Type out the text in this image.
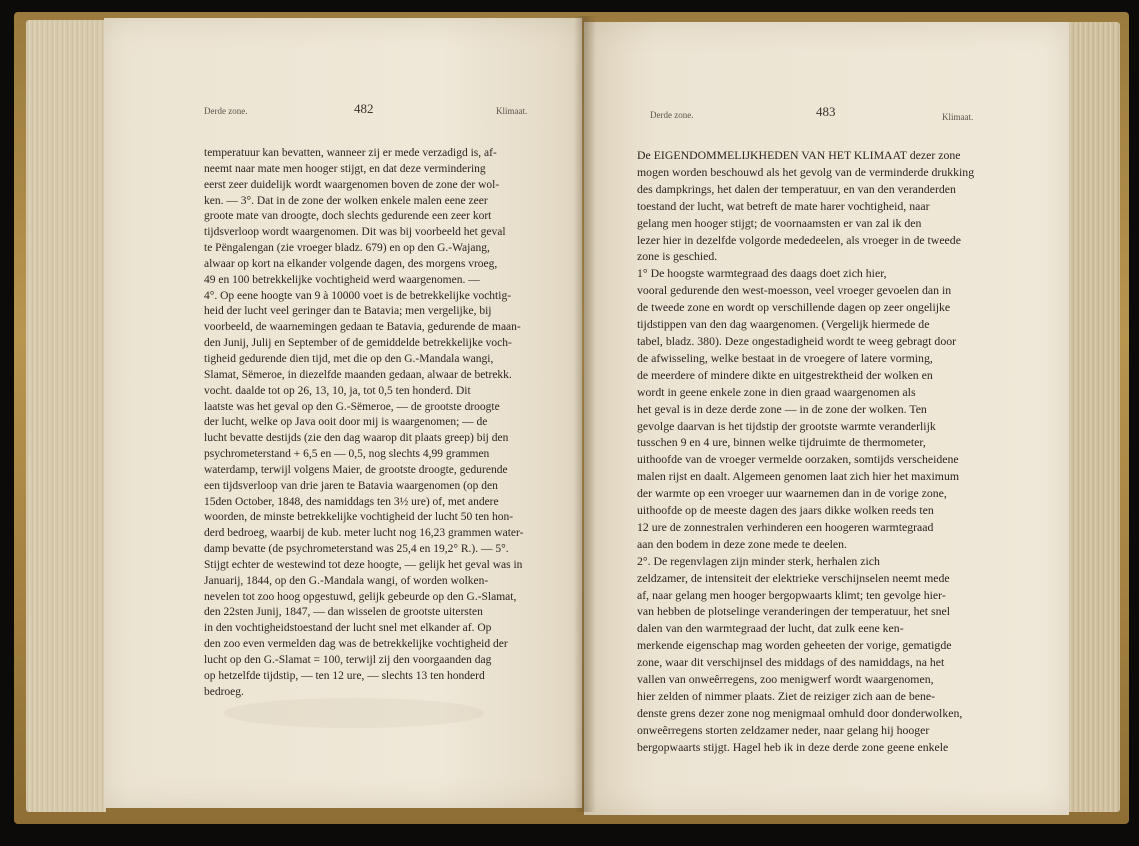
Derde zone.	482	Klimaat.
temperatuur kan bevatten, wanneer zij er mede verzadigd is, af-
neemt naar mate men hooger stijgt, en dat deze vermindering
eerst zeer duidelijk wordt waargenomen boven de zone der wol-
ken. — 3°. Dat in de zone der wolken enkele malen eene zeer
groote mate van droogte, doch slechts gedurende een zeer kort
tijdsverloop wordt waargenomen. Dit was bij voorbeeld het geval
te Pëngalengan (zie vroeger bladz. 679) en op den G.-Wajang,
alwaar op kort na elkander volgende dagen, des morgens vroeg,
49 en 100 betrekkelijke vochtigheid werd waargenomen. —
4°. Op eene hoogte van 9 à 10000 voet is de betrekkelijke vochtig-
heid der lucht veel geringer dan te Batavia; men vergelijke, bij
voorbeeld, de waarnemingen gedaan te Batavia, gedurende de maan-
den Junij, Julij en September of de gemiddelde betrekkelijke voch-
tigheid gedurende dien tijd, met die op den G.-Mandala wangi,
Slamat, Sëmeroe, in diezelfde maanden gedaan, alwaar de betrekk.
vocht. daalde tot op 26, 13, 10, ja, tot 0,5 ten honderd. Dit
laatste was het geval op den G.-Sëmeroe, — de grootste droogte
der lucht, welke op Java ooit door mij is waargenomen; — de
lucht bevatte destijds (zie den dag waarop dit plaats greep) bij den
psychrometerstand + 6,5 en — 0,5, nog slechts 4,99 grammen
waterdamp, terwijl volgens Maier, de grootste droogte, gedurende
een tijdsverloop van drie jaren te Batavia waargenomen (op den
15den October, 1848, des namiddags ten 3½ ure) of, met andere
woorden, de minste betrekkelijke vochtigheid der lucht 50 ten hon-
derd bedroeg, waarbij de kub. meter lucht nog 16,23 grammen water-
damp bevatte (de psychrometerstand was 25,4 en 19,2° R.). — 5°.
Stijgt echter de westewind tot deze hoogte, — gelijk het geval was in
Januarij, 1844, op den G.-Mandala wangi, of worden wolken-
nevelen tot zoo hoog opgestuwd, gelijk gebeurde op den G.-Slamat,
den 22sten Junij, 1847, — dan wisselen de grootste uitersten
in den vochtigheidstoestand der lucht snel met elkander af. Op
den zoo even vermelden dag was de betrekkelijke vochtigheid der
lucht op den G.-Slamat = 100, terwijl zij den voorgaanden dag
op hetzelfde tijdstip, — ten 12 ure, — slechts 13 ten honderd
bedroeg.
Derde zone.	483	Klimaat.
De EIGENDOMMELIJKHEDEN VAN HET KLIMAAT dezer zone
mogen worden beschouwd als het gevolg van de verminderde drukking
des dampkrings, het dalen der temperatuur, en van den veranderden
toestand der lucht, wat betreft de mate harer vochtigheid, naar
gelang men hooger stijgt; de voornaamsten er van zal ik den
lezer hier in dezelfde volgorde mededeelen, als vroeger in de tweede
zone is geschied.
1° De hoogste warmtegraad des daags doet zich hier,
vooral gedurende den west-moesson, veel vroeger gevoelen dan in
de tweede zone en wordt op verschillende dagen op zeer ongelijke
tijdstippen van den dag waargenomen. (Vergelijk hiermede de
tabel, bladz. 380). Deze ongestadigheid wordt te weeg gebragt door
de afwisseling, welke bestaat in de vroegere of latere vorming,
de meerdere of mindere dikte en uitgestrektheid der wolken en
wordt in geene enkele zone in dien graad waargenomen als
het geval is in deze derde zone — in de zone der wolken. Ten
gevolge daarvan is het tijdstip der grootste warmte veranderlijk
tusschen 9 en 4 ure, binnen welke tijdruimte de thermometer,
uithoofde van de vroeger vermelde oorzaken, somtijds verscheidene
malen rijst en daalt. Algemeen genomen laat zich hier het maximum
der warmte op een vroeger uur waarnemen dan in de vorige zone,
uithoofde op de meeste dagen des jaars dikke wolken reeds ten
12 ure de zonnestralen verhinderen een hoogeren warmtegraad
aan den bodem in deze zone mede te deelen.
2°. De regenvlagen zijn minder sterk, herhalen zich
zeldzamer, de intensiteit der elektrieke verschijnselen neemt mede
af, naar gelang men hooger bergopwaarts klimt; ten gevolge hier-
van hebben de plotselinge veranderingen der temperatuur, het snel
dalen van den warmtegraad der lucht, dat zulk eene ken-
merkende eigenschap mag worden geheeten der vorige, gematigde
zone, waar dit verschijnsel des middags of des namiddags, na het
vallen van onweêrregens, zoo menigwerf wordt waargenomen,
hier zelden of nimmer plaats. Ziet de reiziger zich aan de bene-
denste grens dezer zone nog menigmaal omhuld door donderwolken,
onweêrregens storten zeldzamer neder, naar gelang hij hooger
bergopwaarts stijgt. Hagel heb ik in deze derde zone geene enkele
